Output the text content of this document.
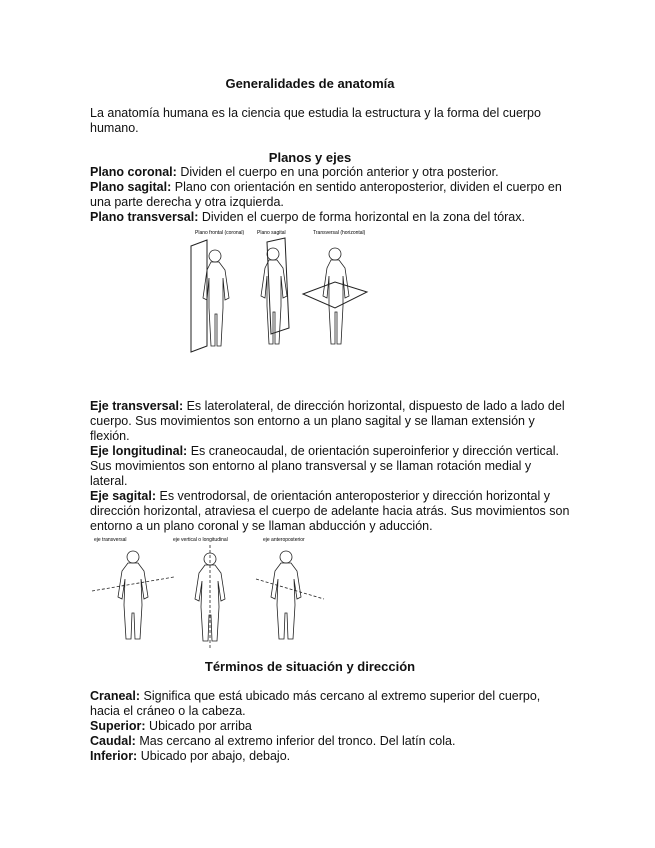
Generalidades de anatomía
La anatomía humana es la ciencia que estudia la estructura y la forma del cuerpo humano.
Planos y ejes
Plano coronal: Dividen el cuerpo en una porción anterior y otra posterior.
Plano sagital: Plano con orientación en sentido anteroposterior, dividen el cuerpo en una parte derecha y otra izquierda.
Plano transversal: Dividen el cuerpo de forma horizontal en la zona del tórax.
Plano frontal (coronal)	Plano sagital	Transversal (horizontal)
Eje transversal: Es laterolateral, de dirección horizontal, dispuesto de lado a lado del cuerpo. Sus movimientos son entorno a un plano sagital y se llaman extensión y flexión.
Eje longitudinal: Es craneocaudal, de orientación superoinferior y dirección vertical. Sus movimientos son entorno al plano transversal y se llaman rotación medial y lateral.
Eje sagital: Es ventrodorsal, de orientación anteroposterior y dirección horizontal y dirección horizontal, atraviesa el cuerpo de adelante hacia atrás. Sus movimientos son entorno a un plano coronal y se llaman abducción y aducción.
eje transversal	eje vertical o longitudinal	eje anteroposterior
Términos de situación y dirección
Craneal: Significa que está ubicado más cercano al extremo superior del cuerpo, hacia el cráneo o la cabeza.
Superior: Ubicado por arriba
Caudal: Mas cercano al extremo inferior del tronco. Del latín cola.
Inferior: Ubicado por abajo, debajo.
